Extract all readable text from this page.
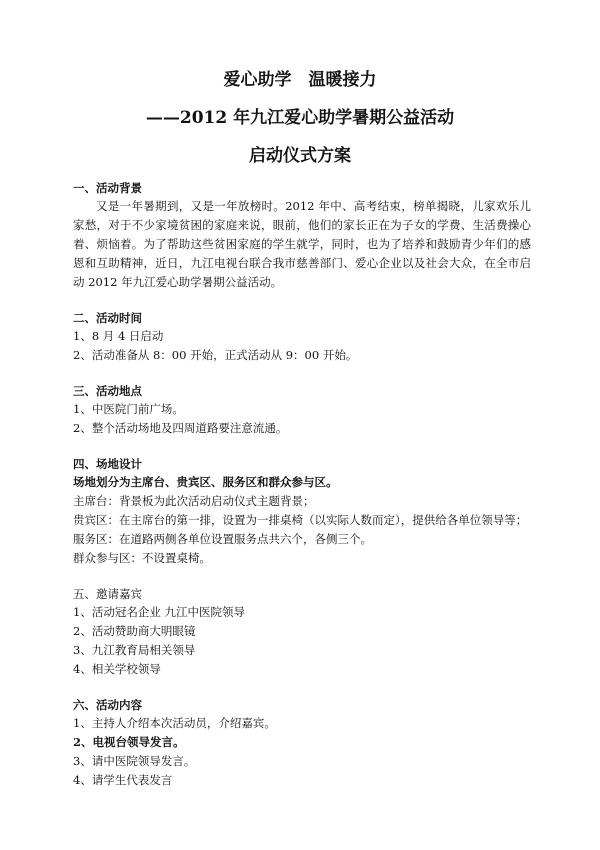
爱心助学　温暖接力
——2012 年九江爱心助学暑期公益活动
启动仪式方案
一、活动背景

又是一年暑期到，又是一年放榜时。2012 年中、高考结束，榜单揭晓，儿家欢乐儿家愁，对于不少家境贫困的家庭来说，眼前，他们的家长正在为子女的学费、生活费操心着、烦恼着。为了帮助这些贫困家庭的学生就学，同时，也为了培养和鼓励青少年们的感恩和互助精神，近日，九江电视台联合我市慈善部门、爱心企业以及社会大众，在全市启动 2012 年九江爱心助学暑期公益活动。

二、活动时间

1、8 月 4 日启动

2、活动准备从 8：00 开始，正式活动从 9：00 开始。

三、活动地点

1、中医院门前广场。

2、整个活动场地及四周道路要注意流通。

四、场地设计

场地划分为主席台、贵宾区、服务区和群众参与区。

主席台：背景板为此次活动启动仪式主题背景；

贵宾区：在主席台的第一排，设置为一排桌椅（以实际人数而定），提供给各单位领导等；

服务区：在道路两侧各单位设置服务点共六个，各侧三个。

群众参与区：不设置桌椅。

五、邀请嘉宾

1、活动冠名企业 九江中医院领导

2、活动赞助商大明眼镜

3、九江教育局相关领导

4、相关学校领导

六、活动内容

1、主持人介绍本次活动员，介绍嘉宾。

2、电视台领导发言。

3、请中医院领导发言。

4、请学生代表发言
